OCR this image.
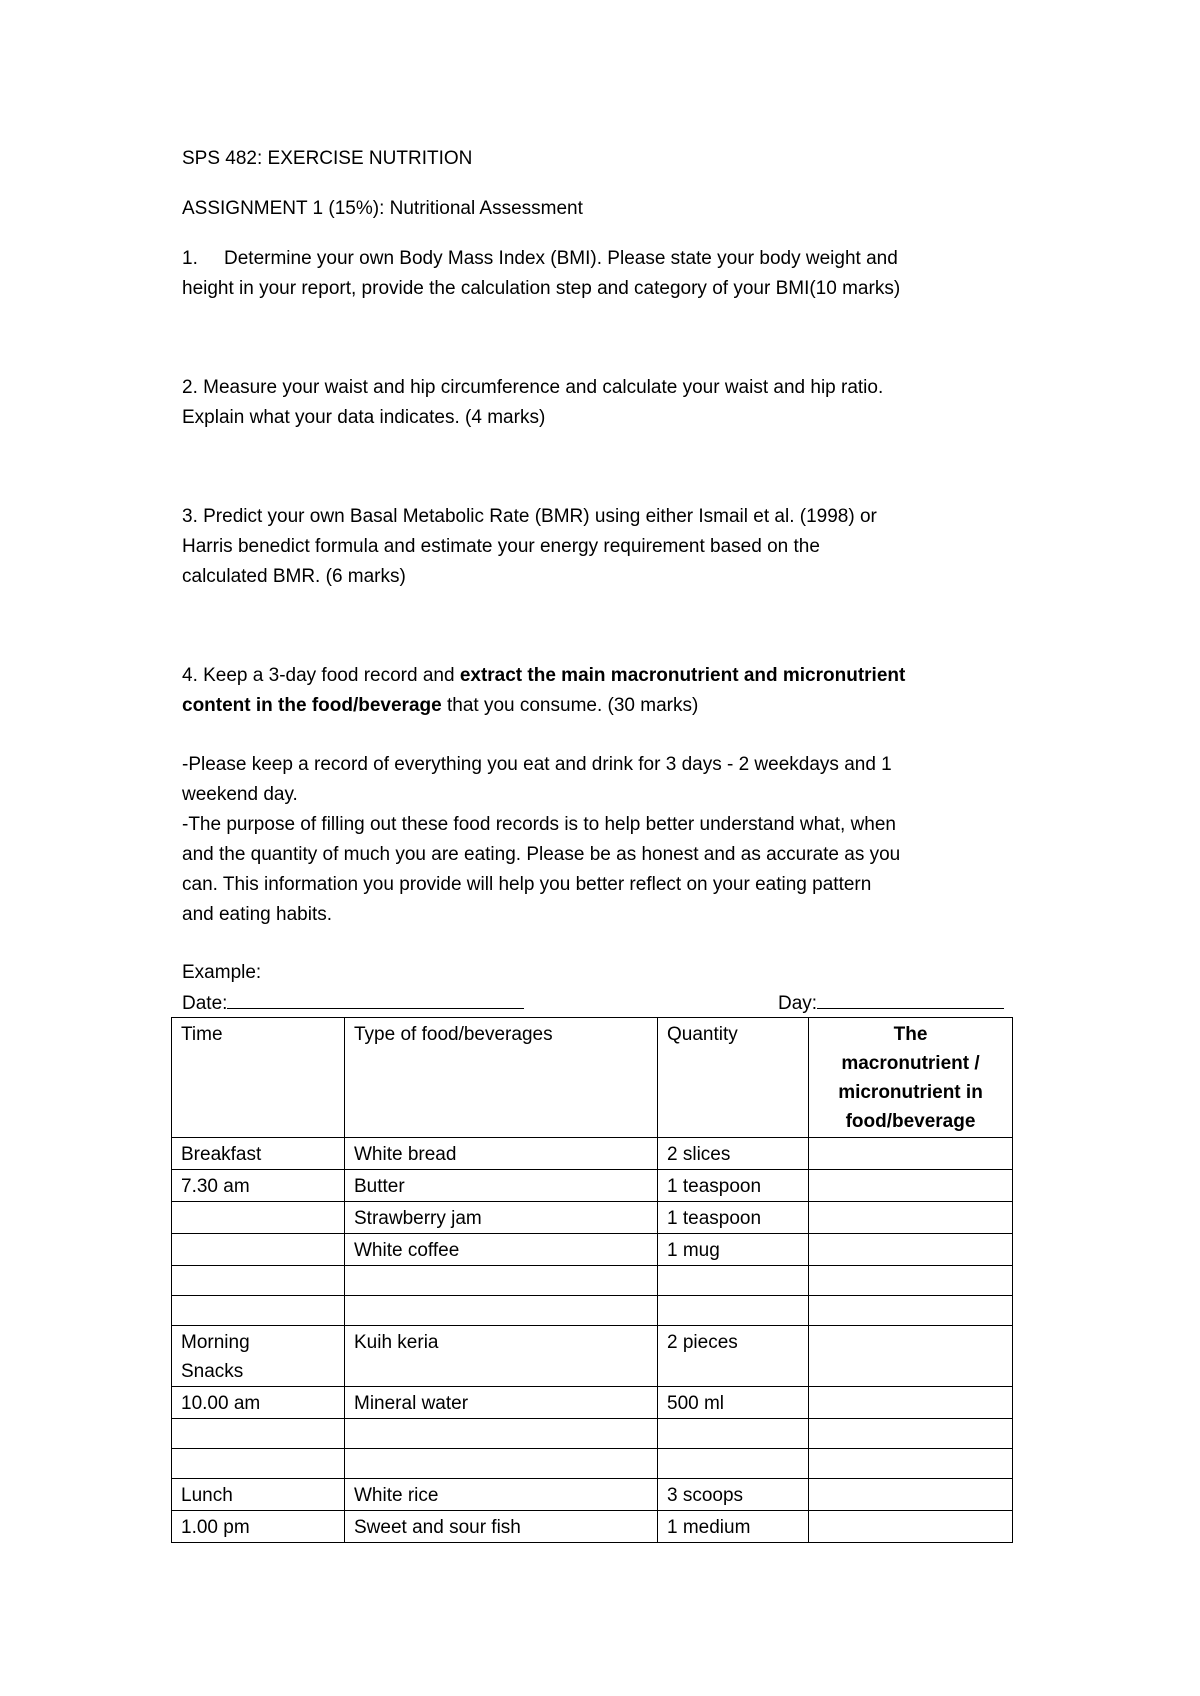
SPS 482: EXERCISE NUTRITION
ASSIGNMENT 1 (15%): Nutritional Assessment
1. Determine your own Body Mass Index (BMI). Please state your body weight and
height in your report, provide the calculation step and category of your BMI(10 marks)
2. Measure your waist and hip circumference and calculate your waist and hip ratio.
Explain what your data indicates. (4 marks)
3. Predict your own Basal Metabolic Rate (BMR) using either Ismail et al. (1998) or
Harris benedict formula and estimate your energy requirement based on the
calculated BMR. (6 marks)
4. Keep a 3-day food record and extract the main macronutrient and micronutrient
content in the food/beverage that you consume. (30 marks)
-Please keep a record of everything you eat and drink for 3 days - 2 weekdays and 1
weekend day.
-The purpose of filling out these food records is to help better understand what, when
and the quantity of much you are eating. Please be as honest and as accurate as you
can. This information you provide will help you better reflect on your eating pattern
and eating habits.
Example:
Date:	Day:
Time	Type of food/beverages	Quantity	The
macronutrient /
micronutrient in
food/beverage

Breakfast	White bread	2 slices	
7.30 am	Butter	1 teaspoon	
	Strawberry jam	1 teaspoon	
	White coffee	1 mug	

Morning Snacks	Kuih keria	2 pieces	
10.00 am	Mineral water	500 ml	

Lunch	White rice	3 scoops	
1.00 pm	Sweet and sour fish	1 medium	
